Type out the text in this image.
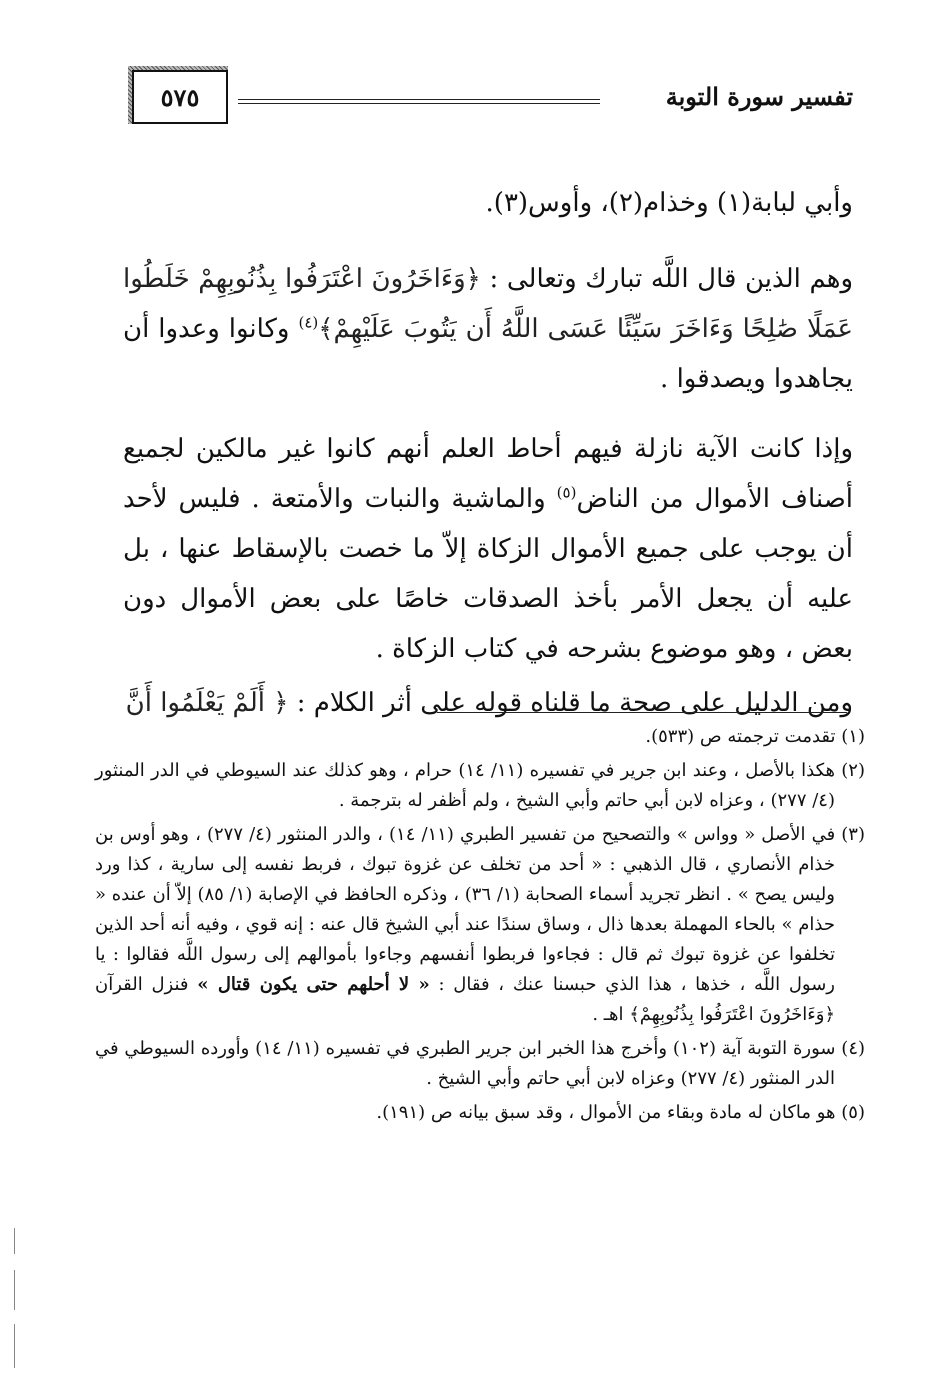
تفسير سورة التوبة
٥٧٥

وأبي لبابة(١) وخذام(٢)، وأوس(٣).

وهم الذين قال اللَّه تبارك وتعالى : ﴿وَءَاخَرُونَ اعْتَرَفُوا بِذُنُوبِهِمْ خَلَطُوا عَمَلًا صَٰلِحًا وَءَاخَرَ سَيِّئًا عَسَى اللَّهُ أَن يَتُوبَ عَلَيْهِمْ﴾$^{(٤)}$ وكانوا وعدوا أن يجاهدوا ويصدقوا .

وإذا كانت الآية نازلة فيهم أحاط العلم أنهم كانوا غير مالكين لجميع أصناف الأموال من الناض$^{(٥)}$ والماشية والنبات والأمتعة . فليس لأحد أن يوجب على جميع الأموال الزكاة إلاّ ما خصت بالإسقاط عنها ، بل عليه أن يجعل الأمر بأخذ الصدقات خاصًا على بعض الأموال دون بعض ، وهو موضوع بشرحه في كتاب الزكاة .

ومن الدليل على صحة ما قلناه قوله على أثر الكلام : ﴿ أَلَمْ يَعْلَمُوا أَنَّ

(١) تقدمت ترجمته ص (٥٣٣).

(٢) هكذا بالأصل ، وعند ابن جرير في تفسيره (١١/ ١٤) حرام ، وهو كذلك عند السيوطي في الدر المنثور (٤/ ٢٧٧) ، وعزاه لابن أبي حاتم وأبي الشيخ ، ولم أظفر له بترجمة .

(٣) في الأصل « وواس » والتصحيح من تفسير الطبري (١١/ ١٤) ، والدر المنثور (٤/ ٢٧٧) ، وهو أوس بن خذام الأنصاري ، قال الذهبي : « أحد من تخلف عن غزوة تبوك ، فربط نفسه إلى سارية ، كذا ورد وليس يصح » . انظر تجريد أسماء الصحابة (١/ ٣٦) ، وذكره الحافظ في الإصابة (١/ ٨٥) إلاّ أن عنده « حذام » بالحاء المهملة بعدها ذال ، وساق سندًا عند أبي الشيخ قال عنه : إنه قوي ، وفيه أنه أحد الذين تخلفوا عن غزوة تبوك ثم قال : فجاءوا فربطوا أنفسهم وجاءوا بأموالهم إلى رسول اللَّه فقالوا : يا رسول اللَّه ، خذها ، هذا الذي حبسنا عنك ، فقال : « لا أحلهم حتى يكون قتال » فنزل القرآن ﴿وَءَاخَرُونَ اعْتَرَفُوا بِذُنُوبِهِمْ﴾ اهـ .

(٤) سورة التوبة آية (١٠٢) وأخرج هذا الخبر ابن جرير الطبري في تفسيره (١١/ ١٤) وأورده السيوطي في الدر المنثور (٤/ ٢٧٧) وعزاه لابن أبي حاتم وأبي الشيخ .

(٥) هو ماكان له مادة وبقاء من الأموال ، وقد سبق بيانه ص (١٩١).
